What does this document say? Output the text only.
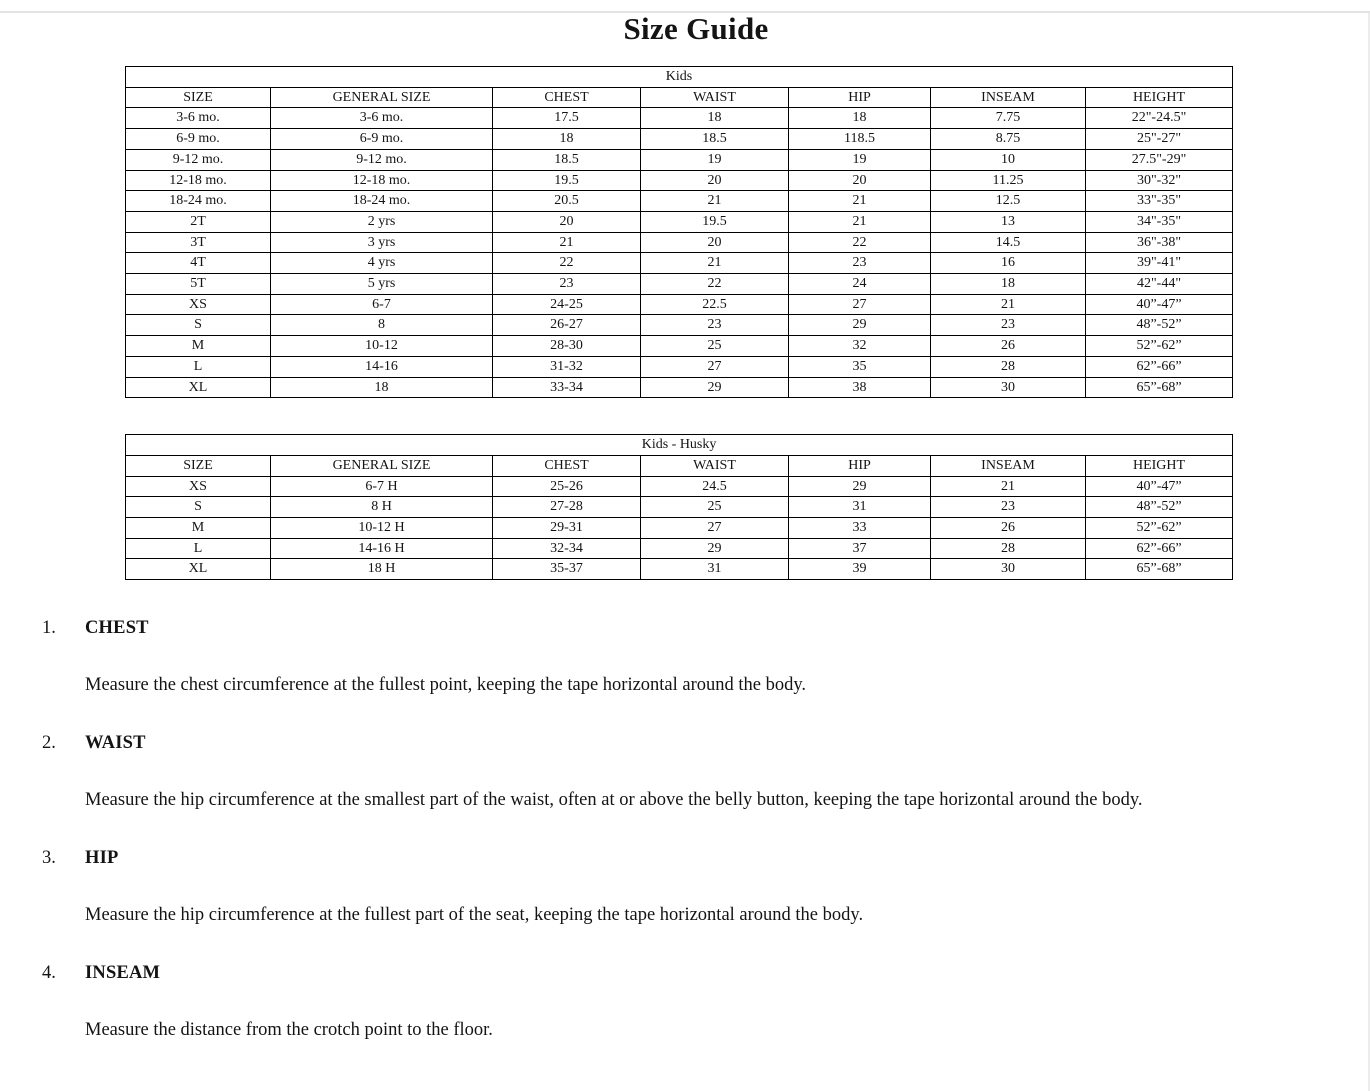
Size Guide
Kids						
SIZE	GENERAL SIZE	CHEST	WAIST	HIP	INSEAM	HEIGHT
3-6 mo.	3-6 mo.	17.5	18	18	7.75	22"-24.5"
6-9 mo.	6-9 mo.	18	18.5	118.5	8.75	25"-27"
9-12 mo.	9-12 mo.	18.5	19	19	10	27.5"-29"
12-18 mo.	12-18 mo.	19.5	20	20	11.25	30"-32"
18-24 mo.	18-24 mo.	20.5	21	21	12.5	33"-35"
2T	2 yrs	20	19.5	21	13	34"-35"
3T	3 yrs	21	20	22	14.5	36"-38"
4T	4 yrs	22	21	23	16	39"-41"
5T	5 yrs	23	22	24	18	42"-44"
XS	6-7	24-25	22.5	27	21	40”-47”
S	8	26-27	23	29	23	48”-52”
M	10-12	28-30	25	32	26	52”-62”
L	14-16	31-32	27	35	28	62”-66”
XL	18	33-34	29	38	30	65”-68”
Kids - Husky						
SIZE	GENERAL SIZE	CHEST	WAIST	HIP	INSEAM	HEIGHT
XS	6-7 H	25-26	24.5	29	21	40”-47”
S	8 H	27-28	25	31	23	48”-52”
M	10-12 H	29-31	27	33	26	52”-62”
L	14-16 H	32-34	29	37	28	62”-66”
XL	18 H	35-37	31	39	30	65”-68”
1.	CHEST
Measure the chest circumference at the fullest point, keeping the tape horizontal around the body.
2.	WAIST
Measure the hip circumference at the smallest part of the waist, often at or above the belly button, keeping the tape horizontal around the body.
3.	HIP
Measure the hip circumference at the fullest part of the seat, keeping the tape horizontal around the body.
4.	INSEAM
Measure the distance from the crotch point to the floor.
